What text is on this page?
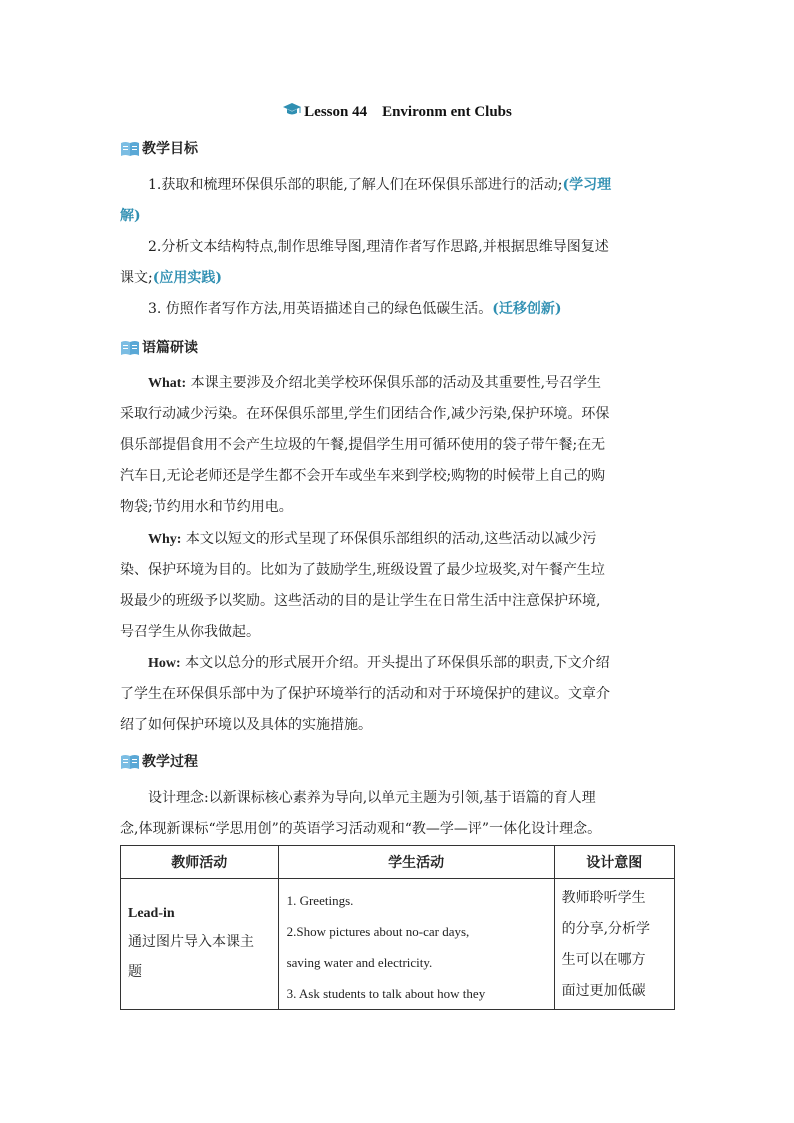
Lesson 44    Environm ent Clubs
教学目标
1.获取和梳理环保俱乐部的职能,了解人们在环保俱乐部进行的活动;(学习理
解)
2.分析文本结构特点,制作思维导图,理清作者写作思路,并根据思维导图复述
课文;(应用实践)
3. 仿照作者写作方法,用英语描述自己的绿色低碳生活。(迁移创新)
语篇研读
What: 本课主要涉及介绍北美学校环保俱乐部的活动及其重要性,号召学生
采取行动减少污染。在环保俱乐部里,学生们团结合作,减少污染,保护环境。环保
俱乐部提倡食用不会产生垃圾的午餐,提倡学生用可循环使用的袋子带午餐;在无
汽车日,无论老师还是学生都不会开车或坐车来到学校;购物的时候带上自己的购
物袋;节约用水和节约用电。
Why: 本文以短文的形式呈现了环保俱乐部组织的活动,这些活动以减少污
染、保护环境为目的。比如为了鼓励学生,班级设置了最少垃圾奖,对午餐产生垃
圾最少的班级予以奖励。这些活动的目的是让学生在日常生活中注意保护环境,
号召学生从你我做起。
How: 本文以总分的形式展开介绍。开头提出了环保俱乐部的职责,下文介绍
了学生在环保俱乐部中为了保护环境举行的活动和对于环境保护的建议。文章介
绍了如何保护环境以及具体的实施措施。
教学过程
设计理念:以新课标核心素养为导向,以单元主题为引领,基于语篇的育人理
念,体现新课标“学思用创”的英语学习活动观和“教—学—评”一体化设计理念。
教师活动	学生活动	设计意图

Lead-in
通过图片导入本课主
题	1. Greetings.
2.Show pictures about no-car days,
saving water and electricity.
3. Ask students to talk about how they	教师聆听学生
的分享,分析学
生可以在哪方
面过更加低碳
